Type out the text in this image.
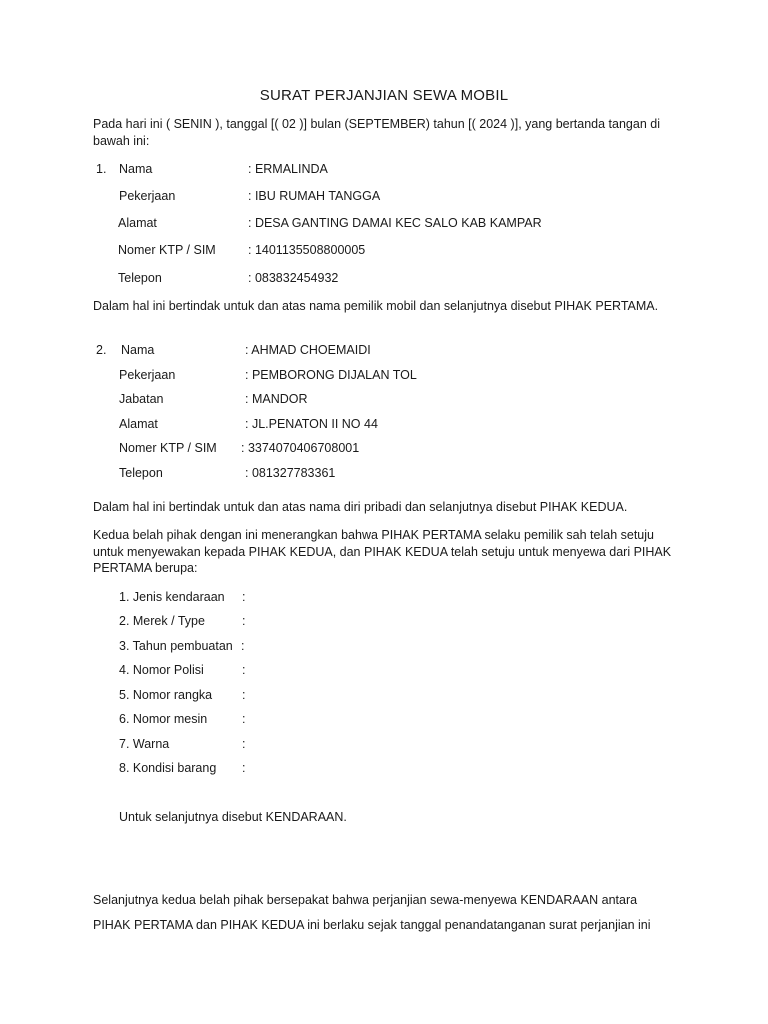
SURAT PERJANJIAN SEWA MOBIL
Pada hari ini ( SENIN ), tanggal [( 02 )] bulan (SEPTEMBER) tahun [( 2024 )], yang bertanda tangan di bawah ini:
1. Nama	: ERMALINDA
Pekerjaan	: IBU RUMAH TANGGA
Alamat	: DESA GANTING DAMAI KEC SALO KAB KAMPAR
Nomer KTP / SIM	: 1401135508800005
Telepon	: 083832454932
Dalam hal ini bertindak untuk dan atas nama pemilik mobil dan selanjutnya disebut PIHAK PERTAMA.
2. Nama	: AHMAD CHOEMAIDI
Pekerjaan	: PEMBORONG DIJALAN TOL
Jabatan	: MANDOR
Alamat	: JL.PENATON II NO 44
Nomer KTP / SIM : 3374070406708001
Telepon	: 081327783361
Dalam hal ini bertindak untuk dan atas nama diri pribadi dan selanjutnya disebut PIHAK KEDUA.
Kedua belah pihak dengan ini menerangkan bahwa PIHAK PERTAMA selaku pemilik sah telah setuju untuk menyewakan kepada PIHAK KEDUA, dan PIHAK KEDUA telah setuju untuk menyewa dari PIHAK PERTAMA berupa:
1. Jenis kendaraan :
2. Merek / Type	:
3. Tahun pembuatan :
4. Nomor Polisi	:
5. Nomor rangka :
6. Nomor mesin	:
7. Warna	:
8. Kondisi barang :
Untuk selanjutnya disebut KENDARAAN.
Selanjutnya kedua belah pihak bersepakat bahwa perjanjian sewa-menyewa KENDARAAN antara
PIHAK PERTAMA dan PIHAK KEDUA ini berlaku sejak tanggal penandatanganan surat perjanjian ini
